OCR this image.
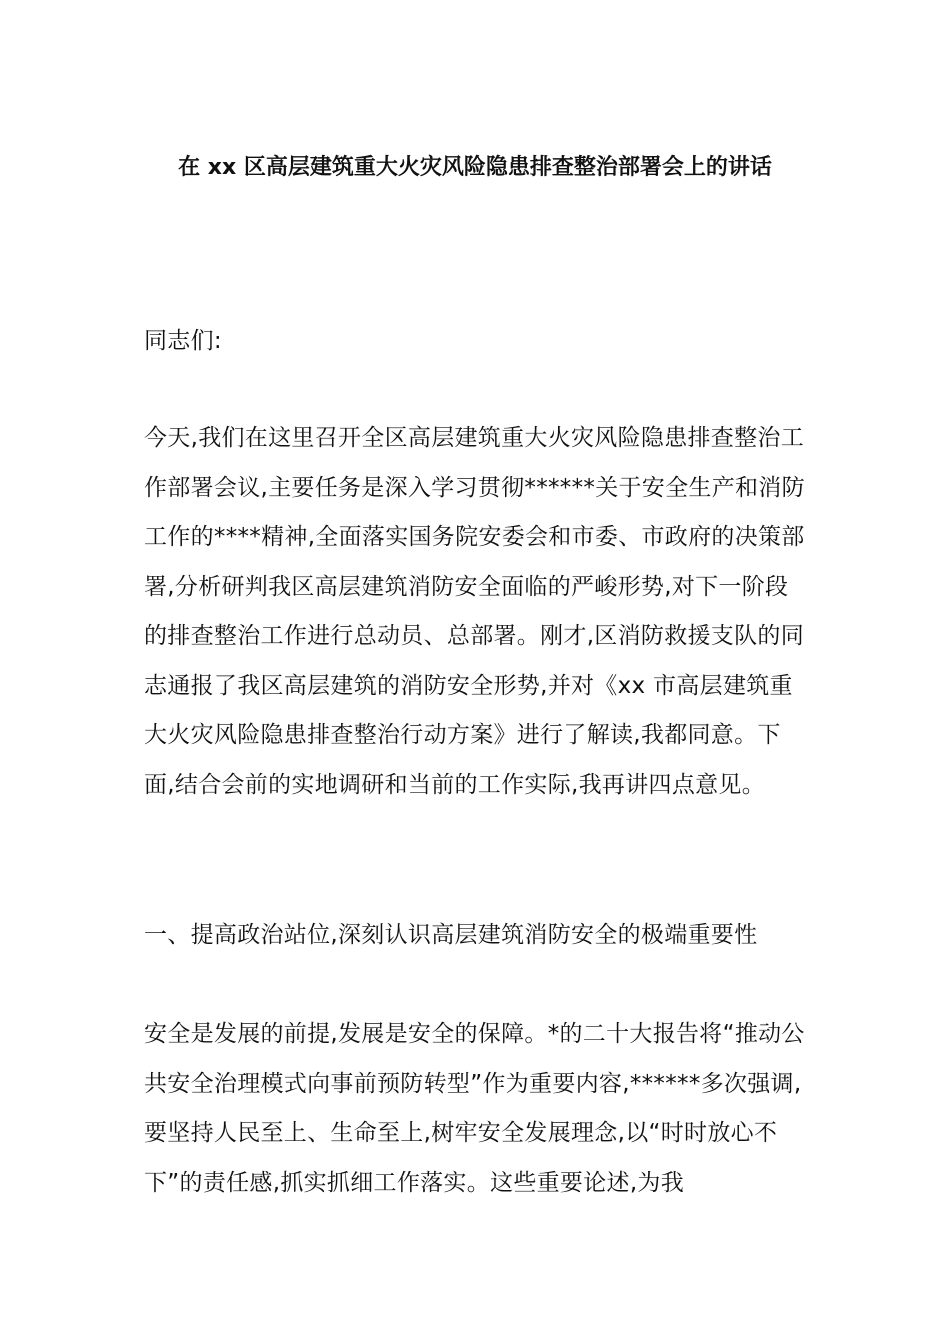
在 xx 区高层建筑重大火灾风险隐患排查整治部署会上的讲话

同志们:

今天,我们在这里召开全区高层建筑重大火灾风险隐患排查整治工作部署会议,主要任务是深入学习贯彻******关于安全生产和消防工作的****精神,全面落实国务院安委会和市委、市政府的决策部署,分析研判我区高层建筑消防安全面临的严峻形势,对下一阶段的排查整治工作进行总动员、总部署。刚才,区消防救援支队的同志通报了我区高层建筑的消防安全形势,并对《xx 市高层建筑重大火灾风险隐患排查整治行动方案》进行了解读,我都同意。下面,结合会前的实地调研和当前的工作实际,我再讲四点意见。

一、提高政治站位,深刻认识高层建筑消防安全的极端重要性

安全是发展的前提,发展是安全的保障。*的二十大报告将“推动公共安全治理模式向事前预防转型”作为重要内容,******多次强调,要坚持人民至上、生命至上,树牢安全发展理念,以“时时放心不下”的责任感,抓实抓细工作落实。这些重要论述,为我
